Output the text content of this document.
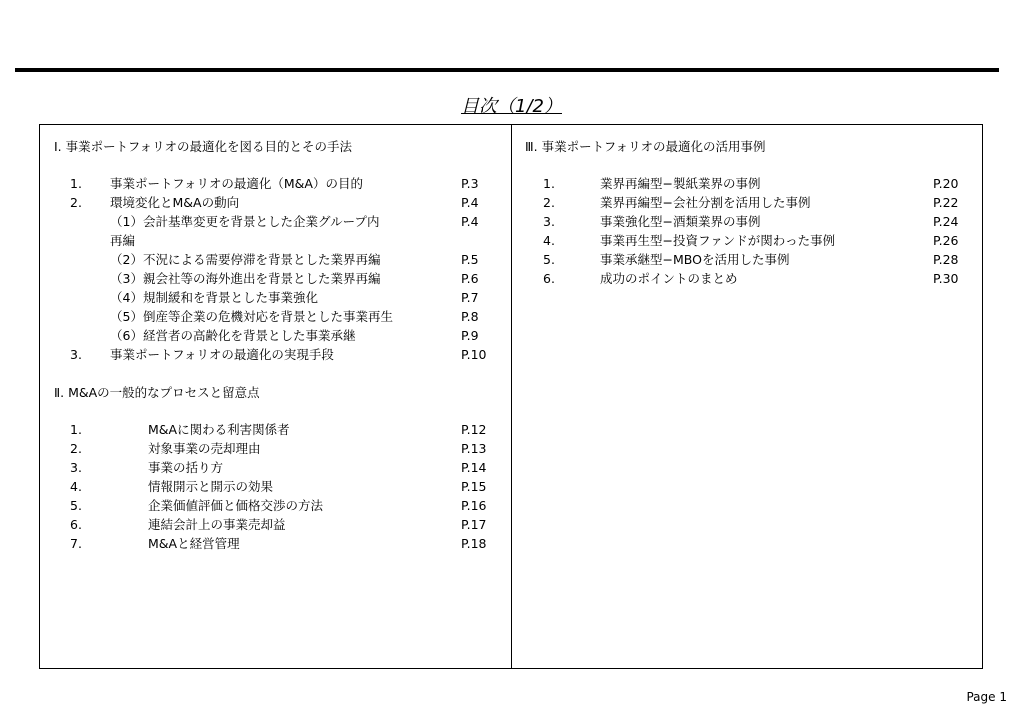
目次（1/2）
Ⅰ. 事業ポートフォリオの最適化を図る目的とその手法
1. 事業ポートフォリオの最適化（M&A）の目的	P.3
2. 環境変化とM&Aの動向	P.4
（1）会計基準変更を背景とした企業グループ内	P.4
再編
（2）不況による需要停滞を背景とした業界再編	P.5
（3）親会社等の海外進出を背景とした業界再編	P.6
（4）規制緩和を背景とした事業強化	P.7
（5）倒産等企業の危機対応を背景とした事業再生	P.8
（6）経営者の高齢化を背景とした事業承継	P.9
3. 事業ポートフォリオの最適化の実現手段	P.10
Ⅱ. M&Aの一般的なプロセスと留意点
1.	M&Aに関わる利害関係者	P.12
2.	対象事業の売却理由	P.13
3.	事業の括り方	P.14
4.	情報開示と開示の効果	P.15
5.	企業価値評価と価格交渉の方法	P.16
6.	連結会計上の事業売却益	P.17
7.	M&Aと経営管理	P.18
Ⅲ. 事業ポートフォリオの最適化の活用事例
1.	業界再編型−製紙業界の事例	P.20
2.	業界再編型−会社分割を活用した事例	P.22
3.	事業強化型−酒類業界の事例	P.24
4.	事業再生型−投資ファンドが関わった事例	P.26
5.	事業承継型−MBOを活用した事例	P.28
6.	成功のポイントのまとめ	P.30
Page 1
